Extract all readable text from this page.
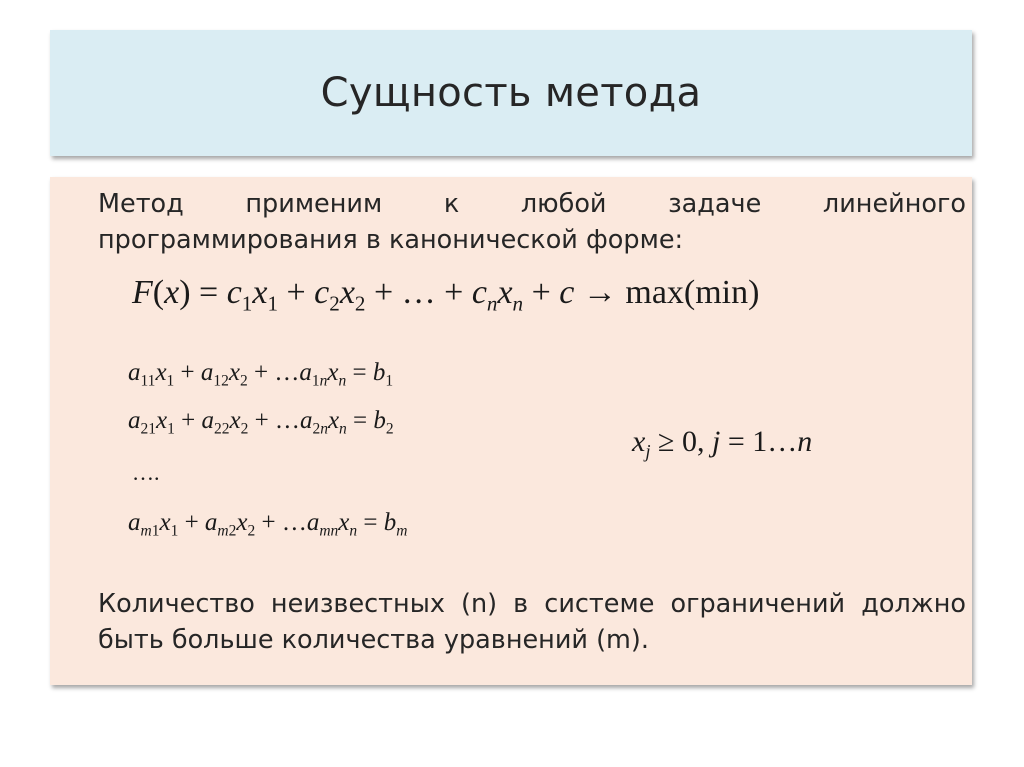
Сущность метода
Метод применим к любой задаче линейного программирования в канонической форме:
$F(x) = c_1x_1 + c_2x_2$ + … + $c_nx_n + c \to \max(\min)$
$a_{11}x_1 + a_{12}x_2$ + $\dots a_{1n}x_n = b_1$
$a_{21}x_1 + a_{22}x_2$ + $\dots a_{2n}x_n = b_2$
….
$a_{m1}x_1 + a_{m2}x_2$ + $\dots a_{mn}x_n = b_m$
$x_j \ge 0$, j = 1…n
Количество неизвестных (n) в системе ограничений должно быть больше количества уравнений (m).
